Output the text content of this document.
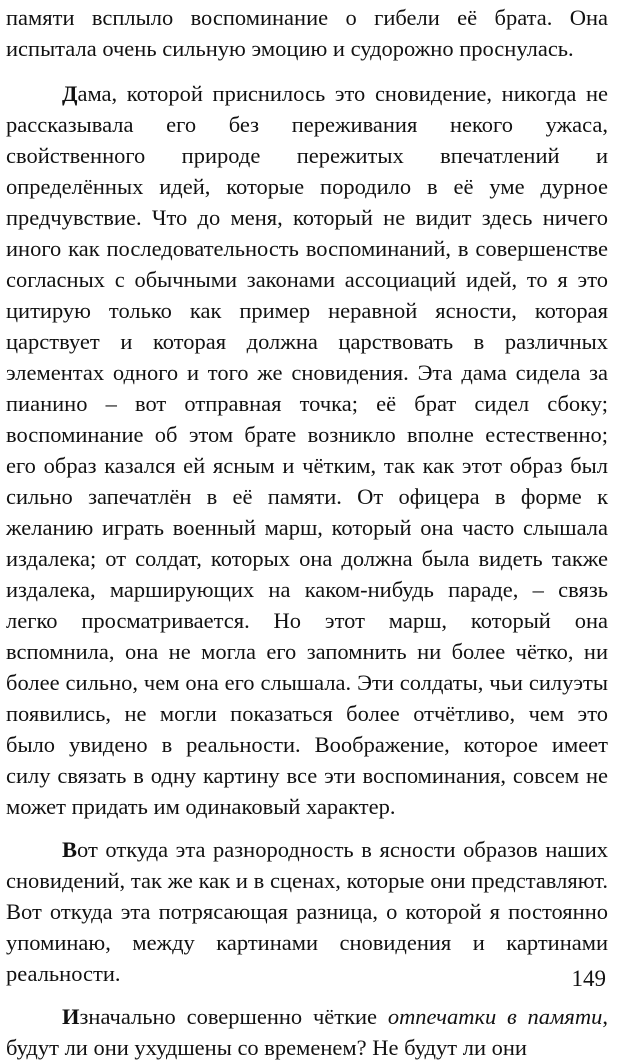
памяти всплыло воспоминание о гибели её брата. Она испытала очень сильную эмоцию и судорожно проснулась.

Дама, которой приснилось это сновидение, никогда не рассказывала его без переживания некого ужаса, свойственного природе пережитых впечатлений и определённых идей, которые породило в её уме дурное предчувствие. Что до меня, который не видит здесь ничего иного как последовательность воспоминаний, в совершенстве согласных с обычными законами ассоциаций идей, то я это цитирую только как пример неравной ясности, которая царствует и которая должна царствовать в различных элементах одного и того же сновидения. Эта дама сидела за пианино – вот отправная точка; её брат сидел сбоку; воспоминание об этом брате возникло вполне естественно; его образ казался ей ясным и чётким, так как этот образ был сильно запечатлён в её памяти. От офицера в форме к желанию играть военный марш, который она часто слышала издалека; от солдат, которых она должна была видеть также издалека, марширующих на каком-нибудь параде, – связь легко просматривается. Но этот марш, который она вспомнила, она не могла его запомнить ни более чётко, ни более сильно, чем она его слышала. Эти солдаты, чьи силуэты появились, не могли показаться более отчётливо, чем это было увидено в реальности. Воображение, которое имеет силу связать в одну картину все эти воспоминания, совсем не может придать им одинаковый характер.

Вот откуда эта разнородность в ясности образов наших сновидений, так же как и в сценах, которые они представляют. Вот откуда эта потрясающая разница, о которой я постоянно упоминаю, между картинами сновидения и картинами реальности.

Изначально совершенно чёткие отпечатки в памяти, будут ли они ухудшены со временем? Не будут ли они

149
